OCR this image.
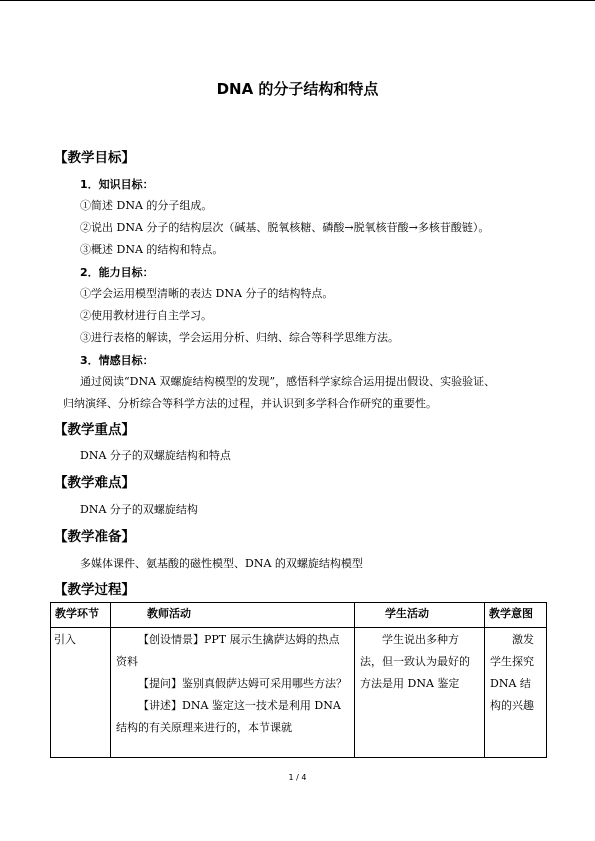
DNA 的分子结构和特点
【教学目标】
1．知识目标：
①简述 DNA 的分子组成。
②说出 DNA 分子的结构层次（碱基、脱氧核糖、磷酸→脱氧核苷酸→多核苷酸链）。
③概述 DNA 的结构和特点。
2．能力目标：
①学会运用模型清晰的表达 DNA 分子的结构特点。
②使用教材进行自主学习。
③进行表格的解读，学会运用分析、归纳、综合等科学思维方法。
3．情感目标：
通过阅读“DNA 双螺旋结构模型的发现”，感悟科学家综合运用提出假设、实验验证、
归纳演绎、分析综合等科学方法的过程，并认识到多学科合作研究的重要性。
【教学重点】
DNA 分子的双螺旋结构和特点
【教学难点】
DNA 分子的双螺旋结构
【教学准备】
多媒体课件、氨基酸的磁性模型、DNA 的双螺旋结构模型
【教学过程】
教学环节	教师活动	学生活动	教学意图
引入	【创设情景】PPT 展示生擒萨达姆的热点资料
【提问】鉴别真假萨达姆可采用哪些方法？
【讲述】DNA 鉴定这一技术是利用 DNA 结构的有关原理来进行的，本节课就	学生说出多种方法，但一致认为最好的方法是用 DNA 鉴定	激发学生探究 DNA 结构的兴趣
1 / 4
